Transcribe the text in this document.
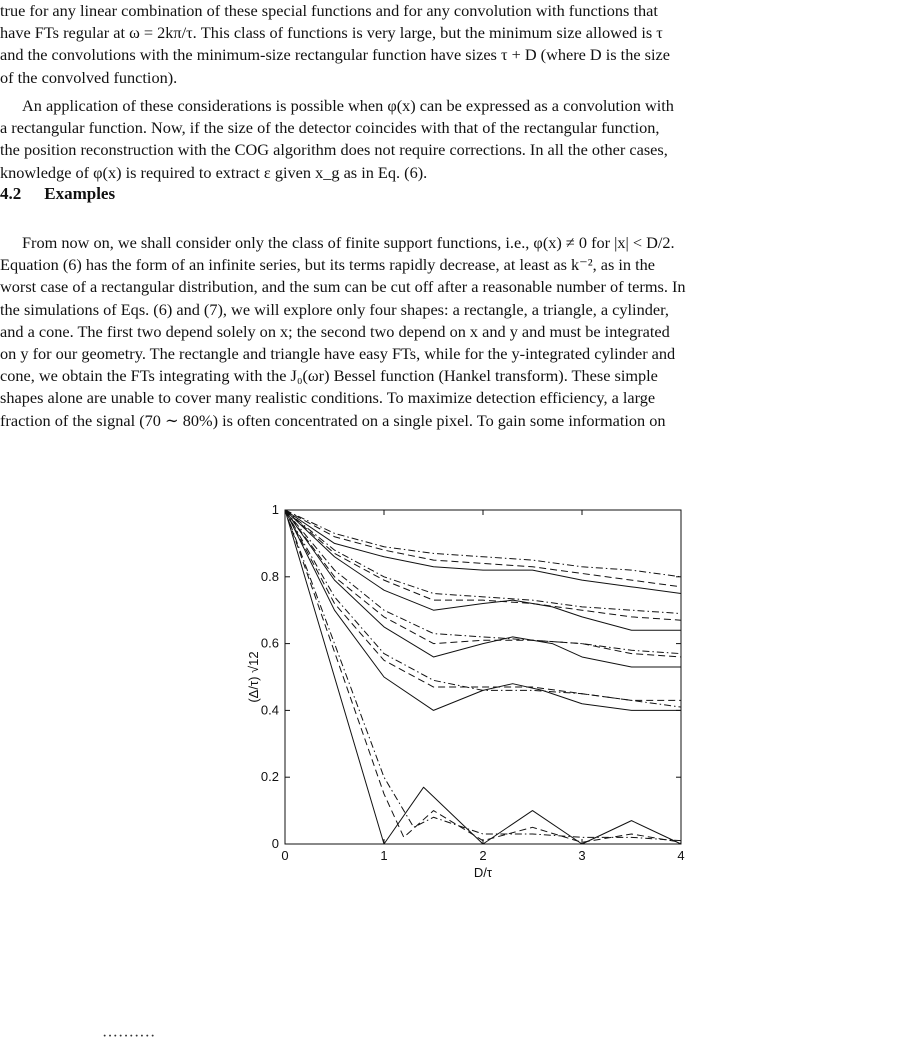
true for any linear combination of these special functions and for any convolution with functions that
have FTs regular at ω = 2kπ/τ. This class of functions is very large, but the minimum size allowed is τ
and the convolutions with the minimum-size rectangular function have sizes τ + D (where D is the size
of the convolved function).
An application of these considerations is possible when φ(x) can be expressed as a convolution with
a rectangular function. Now, if the size of the detector coincides with that of the rectangular function,
the position reconstruction with the COG algorithm does not require corrections. In all the other cases,
knowledge of φ(x) is required to extract ε given x_g as in Eq. (6).
4.2 Examples
From now on, we shall consider only the class of finite support functions, i.e., φ(x) ≠ 0 for |x| < D/2.
Equation (6) has the form of an infinite series, but its terms rapidly decrease, at least as k⁻², as in the
worst case of a rectangular distribution, and the sum can be cut off after a reasonable number of terms. In
the simulations of Eqs. (6) and (7), we will explore only four shapes: a rectangle, a triangle, a cylinder,
and a cone. The first two depend solely on x; the second two depend on x and y and must be integrated
on y for our geometry. The rectangle and triangle have easy FTs, while for the y-integrated cylinder and
cone, we obtain the FTs integrating with the J₀(ωr) Bessel function (Hankel transform). These simple
shapes alone are unable to cover many realistic conditions. To maximize detection efficiency, a large
fraction of the signal (70 ∼ 80%) is often concentrated on a single pixel. To gain some information on
0	1	2	3	4
0
0.2
0.4
0.6
0.8
1
D/τ
(Δ/τ) √12
··········
